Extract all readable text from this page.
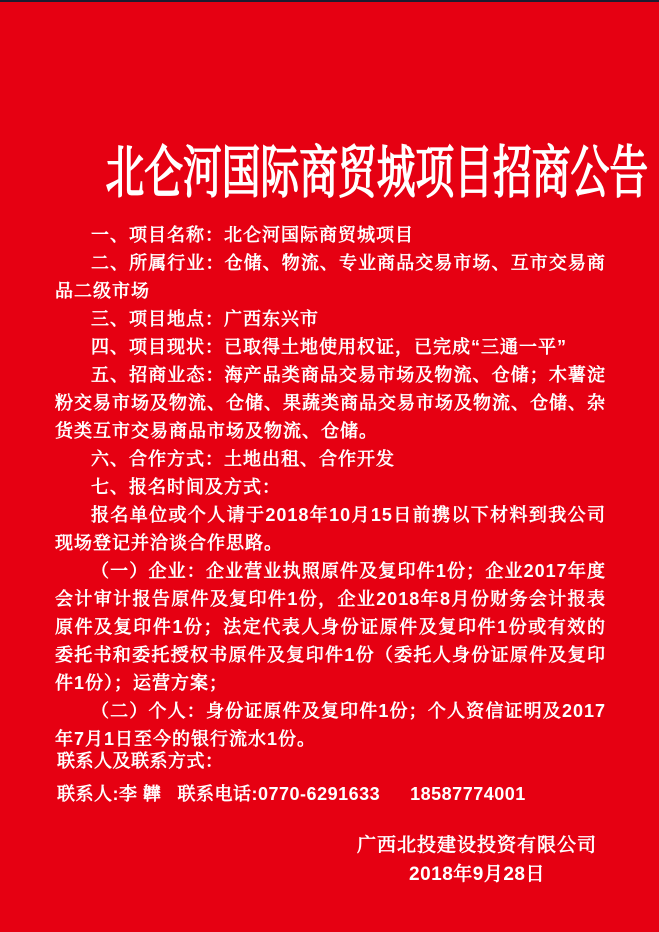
北仑河国际商贸城项目招商公告

一、项目名称：北仑河国际商贸城项目

二、所属行业：仓储、物流、专业商品交易市场、互市交易商品二级市场

三、项目地点：广西东兴市

四、项目现状：已取得土地使用权证，已完成“三通一平”

五、招商业态：海产品类商品交易市场及物流、仓储；木薯淀粉交易市场及物流、仓储、果蔬类商品交易市场及物流、仓储、杂货类互市交易商品市场及物流、仓储。

六、合作方式：土地出租、合作开发

七、报名时间及方式：

报名单位或个人请于2018年10月15日前携以下材料到我公司现场登记并洽谈合作思路。

（一）企业：企业营业执照原件及复印件1份；企业2017年度会计审计报告原件及复印件1份，企业2018年8月份财务会计报表原件及复印件1份；法定代表人身份证原件及复印件1份或有效的委托书和委托授权书原件及复印件1份（委托人身份证原件及复印件1份）；运营方案；

（二）个人：身份证原件及复印件1份；个人资信证明及2017年7月1日至今的银行流水1份。

联系人及联系方式：
联系人:李 韡 联系电话:0770-6291633 18587774001
广西北投建设投资有限公司
2018年9月28日
